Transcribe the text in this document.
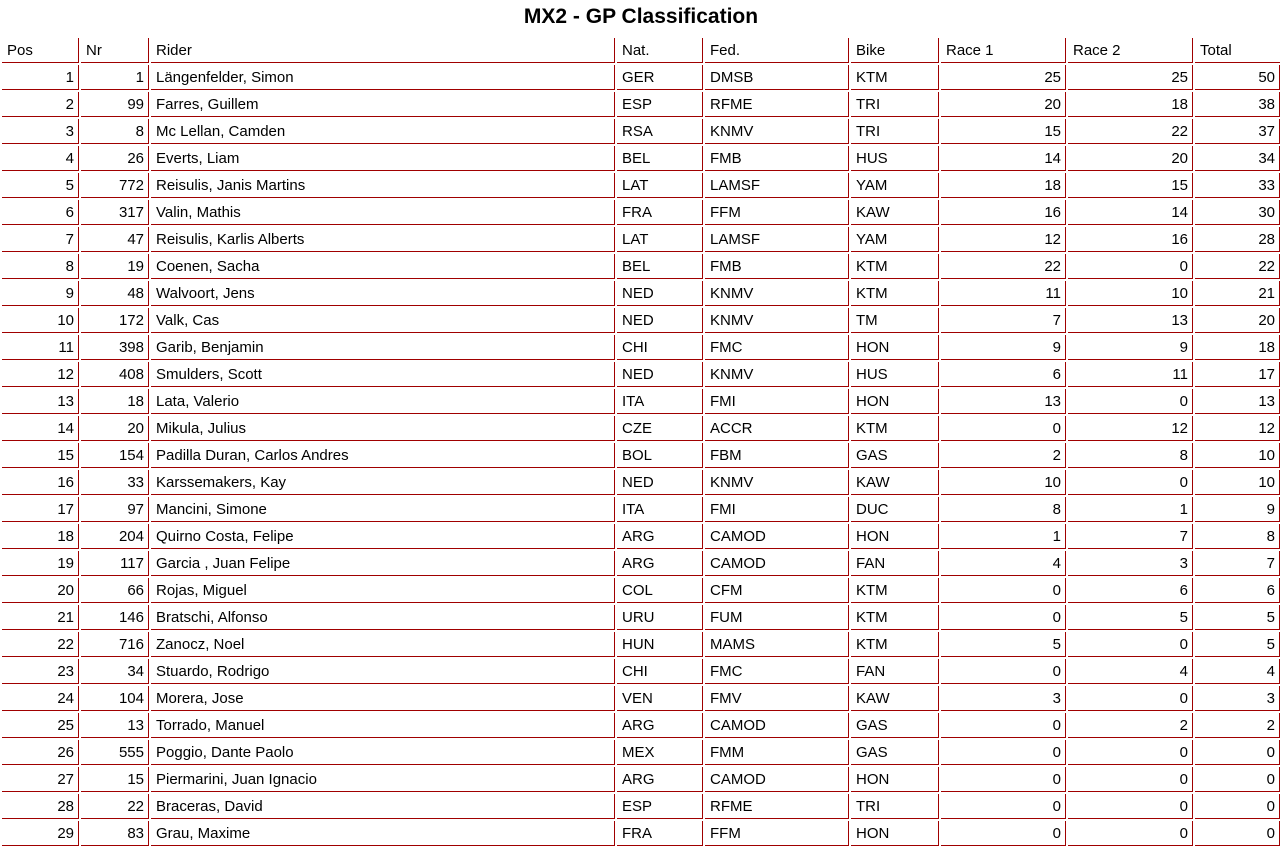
MX2 - GP Classification
Pos	Nr	Rider	Nat.	Fed.	Bike	Race 1	Race 2	Total
1	1	Längenfelder, Simon	GER	DMSB	KTM	25	25	50
2	99	Farres, Guillem	ESP	RFME	TRI	20	18	38
3	8	Mc Lellan, Camden	RSA	KNMV	TRI	15	22	37
4	26	Everts, Liam	BEL	FMB	HUS	14	20	34
5	772	Reisulis, Janis Martins	LAT	LAMSF	YAM	18	15	33
6	317	Valin, Mathis	FRA	FFM	KAW	16	14	30
7	47	Reisulis, Karlis Alberts	LAT	LAMSF	YAM	12	16	28
8	19	Coenen, Sacha	BEL	FMB	KTM	22	0	22
9	48	Walvoort, Jens	NED	KNMV	KTM	11	10	21
10	172	Valk, Cas	NED	KNMV	TM	7	13	20
11	398	Garib, Benjamin	CHI	FMC	HON	9	9	18
12	408	Smulders, Scott	NED	KNMV	HUS	6	11	17
13	18	Lata, Valerio	ITA	FMI	HON	13	0	13
14	20	Mikula, Julius	CZE	ACCR	KTM	0	12	12
15	154	Padilla Duran, Carlos Andres	BOL	FBM	GAS	2	8	10
16	33	Karssemakers, Kay	NED	KNMV	KAW	10	0	10
17	97	Mancini, Simone	ITA	FMI	DUC	8	1	9
18	204	Quirno Costa, Felipe	ARG	CAMOD	HON	1	7	8
19	117	Garcia , Juan Felipe	ARG	CAMOD	FAN	4	3	7
20	66	Rojas, Miguel	COL	CFM	KTM	0	6	6
21	146	Bratschi, Alfonso	URU	FUM	KTM	0	5	5
22	716	Zanocz, Noel	HUN	MAMS	KTM	5	0	5
23	34	Stuardo, Rodrigo	CHI	FMC	FAN	0	4	4
24	104	Morera, Jose	VEN	FMV	KAW	3	0	3
25	13	Torrado, Manuel	ARG	CAMOD	GAS	0	2	2
26	555	Poggio, Dante Paolo	MEX	FMM	GAS	0	0	0
27	15	Piermarini, Juan Ignacio	ARG	CAMOD	HON	0	0	0
28	22	Braceras, David	ESP	RFME	TRI	0	0	0
29	83	Grau, Maxime	FRA	FFM	HON	0	0	0
